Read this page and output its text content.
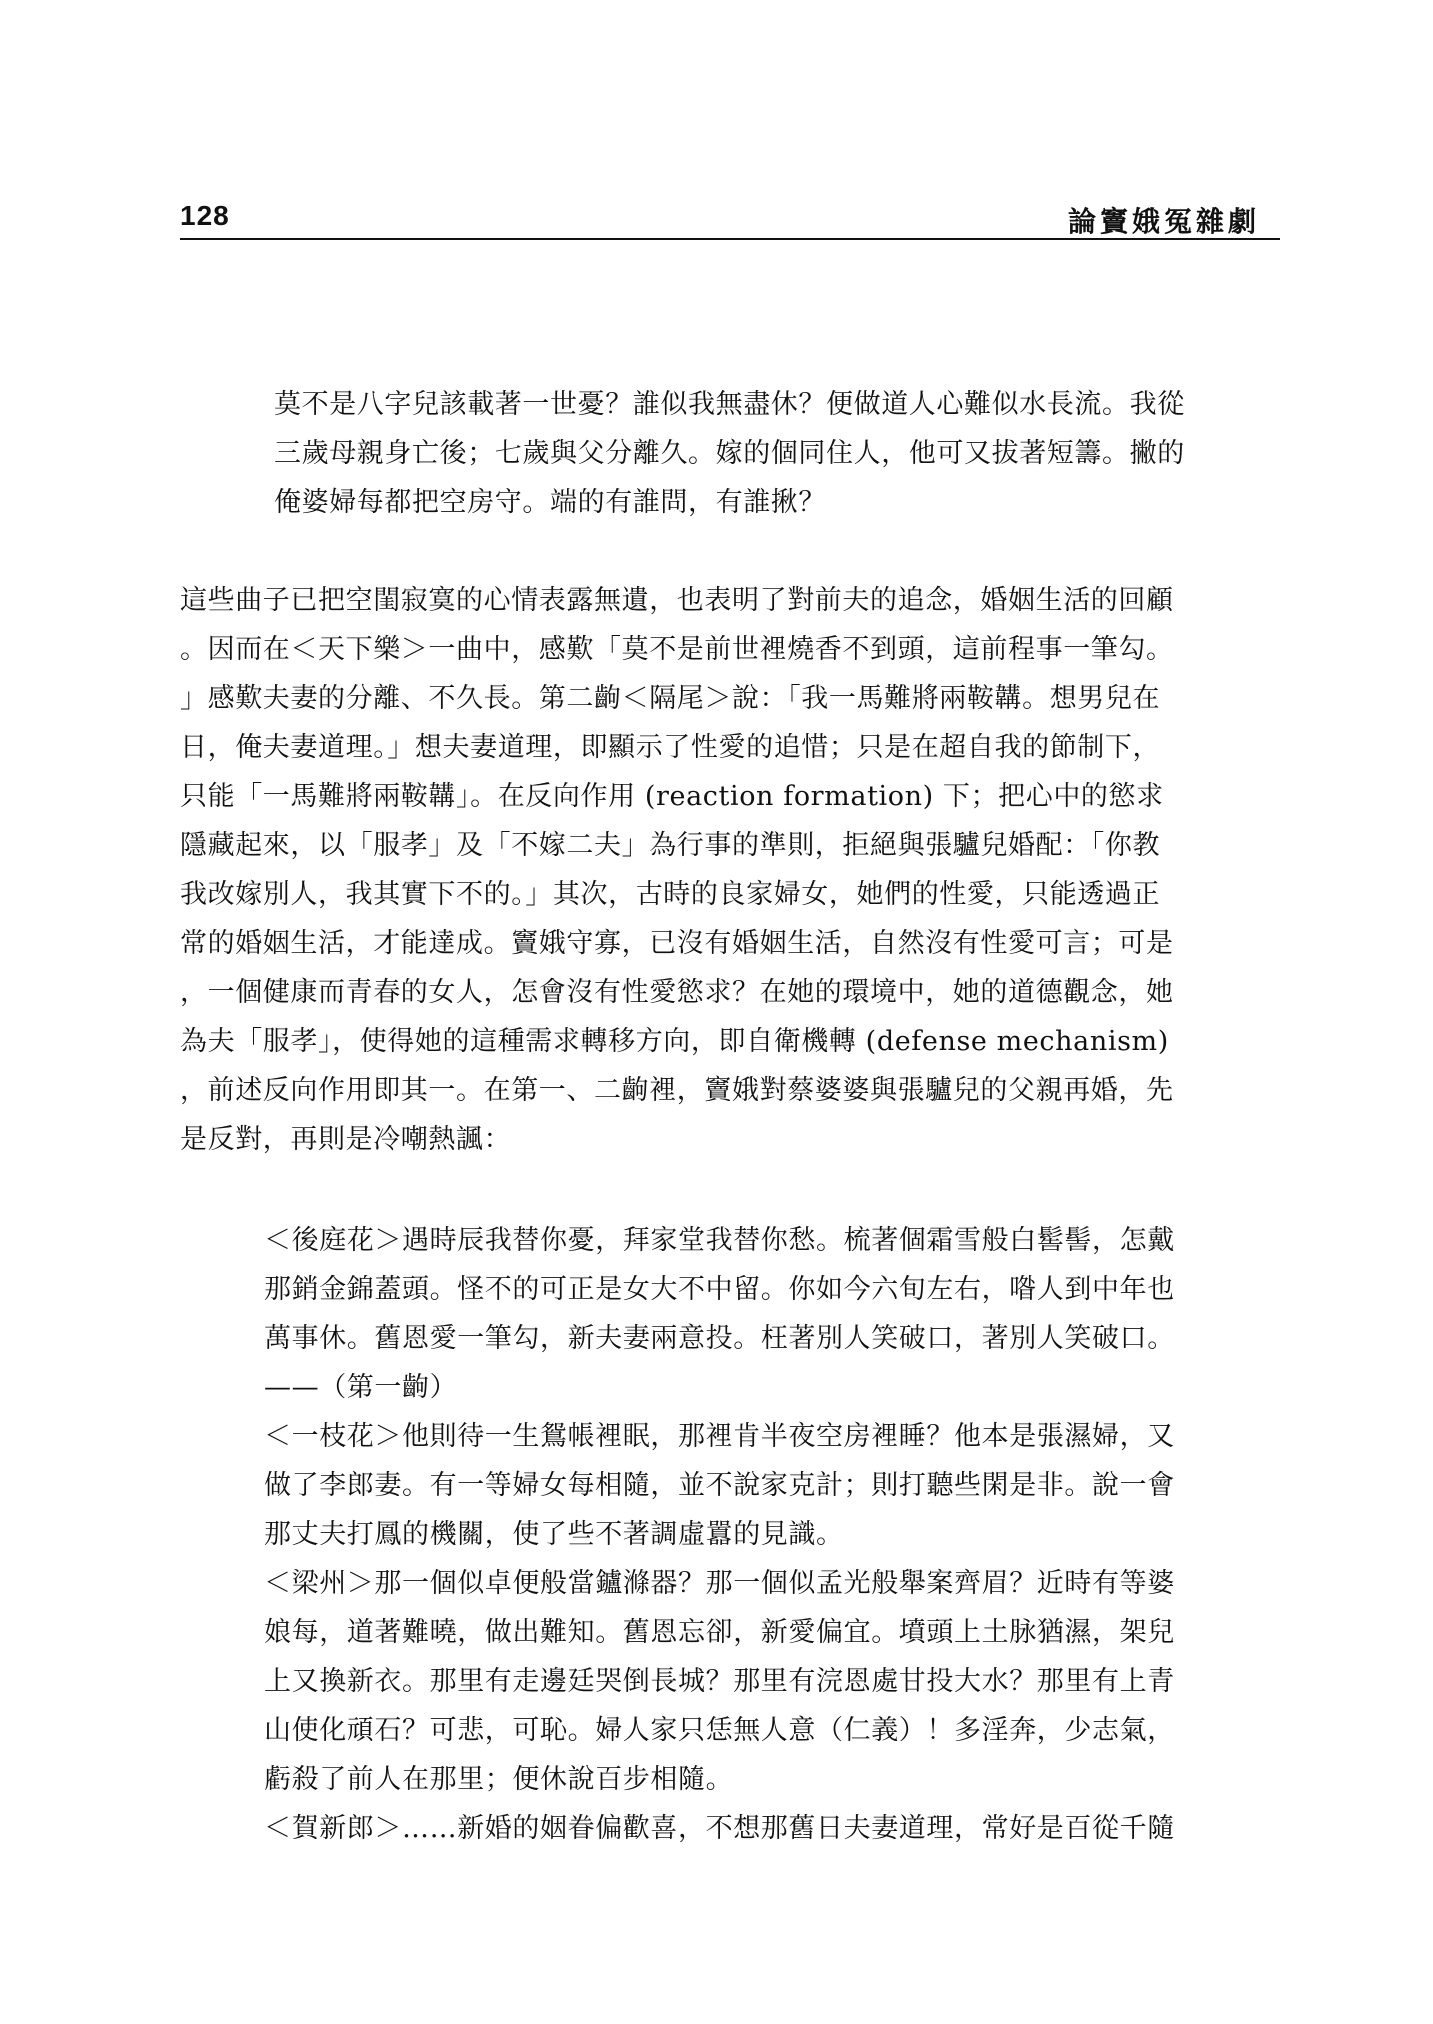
128	論竇娥冤雜劇

莫不是八字兒該載著一世憂？誰似我無盡休？便做道人心難似水長流。我從

三歲母親身亡後；七歲與父分離久。嫁的個同住人，他可又拔著短籌。撇的

俺婆婦每都把空房守。端的有誰問，有誰揪？

這些曲子已把空閨寂寞的心情表露無遺，也表明了對前夫的追念，婚姻生活的回顧

。因而在＜天下樂＞一曲中，感歎「莫不是前世裡燒香不到頭，這前程事一筆勾。

」感歎夫妻的分離、不久長。第二齣＜隔尾＞說：「我一馬難將兩鞍韝。想男兒在

日，俺夫妻道理。」想夫妻道理，即顯示了性愛的追惜；只是在超自我的節制下，

只能「一馬難將兩鞍韝」。在反向作用 (reaction formation) 下；把心中的慾求

隱藏起來，以「服孝」及「不嫁二夫」為行事的準則，拒絕與張驢兒婚配：「你教

我改嫁別人，我其實下不的。」其次，古時的良家婦女，她們的性愛，只能透過正

常的婚姻生活，才能達成。竇娥守寡，已沒有婚姻生活，自然沒有性愛可言；可是

，一個健康而青春的女人，怎會沒有性愛慾求？在她的環境中，她的道德觀念，她

為夫「服孝」，使得她的這種需求轉移方向，即自衛機轉 (defense mechanism)

，前述反向作用即其一。在第一、二齣裡，竇娥對蔡婆婆與張驢兒的父親再婚，先

是反對，再則是冷嘲熱諷：

＜後庭花＞遇時辰我替你憂，拜家堂我替你愁。梳著個霜雪般白䯻髻，怎戴

那銷金錦蓋頭。怪不的可正是女大不中留。你如今六旬左右，喒人到中年也

萬事休。舊恩愛一筆勾，新夫妻兩意投。枉著別人笑破口，著別人笑破口。

——（第一齣）

＜一枝花＞他則待一生鴛帳裡眠，那裡肯半夜空房裡睡？他本是張濕婦，又

做了李郎妻。有一等婦女每相隨，並不說家克計；則打聽些閑是非。說一會

那丈夫打鳳的機關，使了些不著調虛囂的見識。

＜梁州＞那一個似卓便般當鑪滌器？那一個似孟光般舉案齊眉？近時有等婆

娘每，道著難曉，做出難知。舊恩忘卻，新愛偏宜。墳頭上土脉猶濕，架兒

上又換新衣。那里有走邊廷哭倒長城？那里有浣恩處甘投大水？那里有上青

山使化頑石？可悲，可恥。婦人家只恁無人意（仁義）！多淫奔，少志氣，

虧殺了前人在那里；便休說百步相隨。

＜賀新郎＞……新婚的姻眷偏歡喜，不想那舊日夫妻道理，常好是百從千隨
